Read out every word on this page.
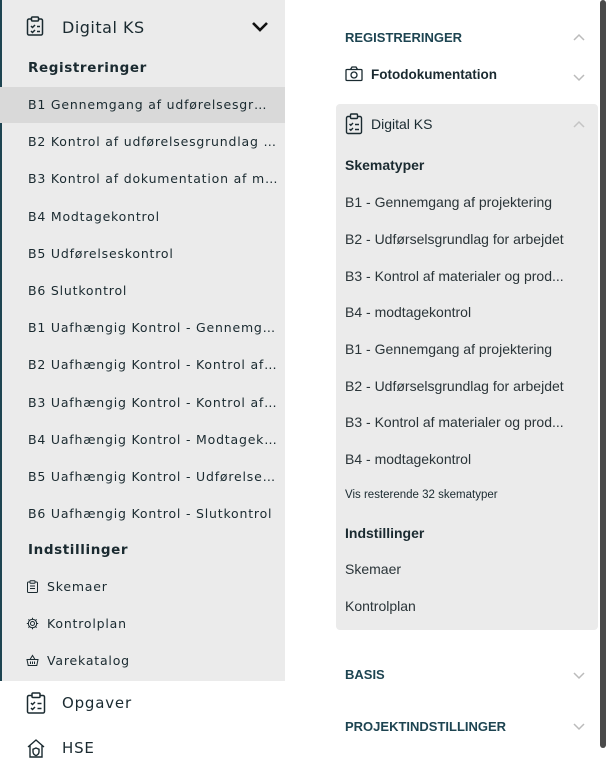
Digital KS
Registreringer
B1 Gennemgang af udførelsesgr…
B2 Kontrol af udførelsesgrundlag …
B3 Kontrol af dokumentation af m…
B4 Modtagekontrol
B5 Udførelseskontrol
B6 Slutkontrol
B1 Uafhængig Kontrol - Gennemg…
B2 Uafhængig Kontrol - Kontrol af…
B3 Uafhængig Kontrol - Kontrol af…
B4 Uafhængig Kontrol - Modtagek…
B5 Uafhængig Kontrol - Udførelse…
B6 Uafhængig Kontrol - Slutkontrol
Indstillinger
Skemaer
Kontrolplan
Varekatalog
Opgaver
HSE
REGISTRERINGER
Fotodokumentation
Digital KS
Skematyper
B1 - Gennemgang af projektering
B2 - Udførselsgrundlag for arbejdet
B3 - Kontrol af materialer og prod...
B4 - modtagekontrol
B1 - Gennemgang af projektering
B2 - Udførselsgrundlag for arbejdet
B3 - Kontrol af materialer og prod...
B4 - modtagekontrol
Vis resterende 32 skematyper
Indstillinger
Skemaer
Kontrolplan
BASIS
PROJEKTINDSTILLINGER
